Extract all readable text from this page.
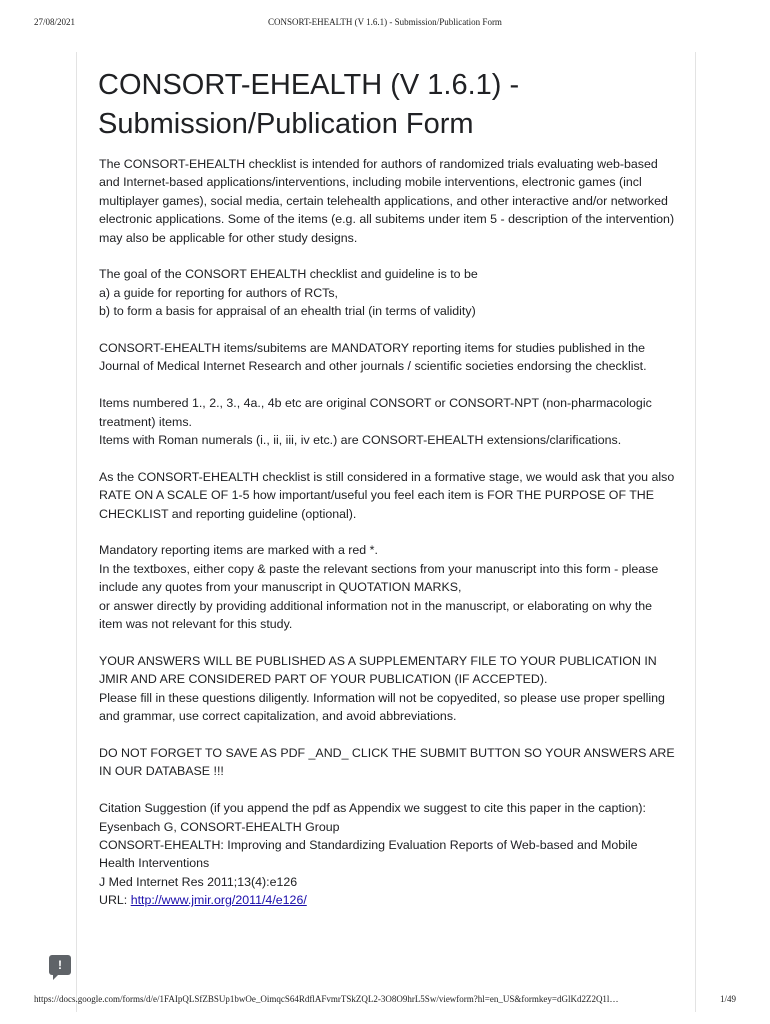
27/08/2021	CONSORT-EHEALTH (V 1.6.1) - Submission/Publication Form
CONSORT-EHEALTH (V 1.6.1) - Submission/Publication Form

The CONSORT-EHEALTH checklist is intended for authors of randomized trials evaluating web-based and Internet-based applications/interventions, including mobile interventions, electronic games (incl multiplayer games), social media, certain telehealth applications, and other interactive and/or networked electronic applications. Some of the items (e.g. all subitems under item 5 - description of the intervention) may also be applicable for other study designs.

The goal of the CONSORT EHEALTH checklist and guideline is to be
a) a guide for reporting for authors of RCTs,
b) to form a basis for appraisal of an ehealth trial (in terms of validity)

CONSORT-EHEALTH items/subitems are MANDATORY reporting items for studies published in the Journal of Medical Internet Research and other journals / scientific societies endorsing the checklist.

Items numbered 1., 2., 3., 4a., 4b etc are original CONSORT or CONSORT-NPT (non-pharmacologic treatment) items.
Items with Roman numerals (i., ii, iii, iv etc.) are CONSORT-EHEALTH extensions/clarifications.

As the CONSORT-EHEALTH checklist is still considered in a formative stage, we would ask that you also RATE ON A SCALE OF 1-5 how important/useful you feel each item is FOR THE PURPOSE OF THE CHECKLIST and reporting guideline (optional).

Mandatory reporting items are marked with a red *.
In the textboxes, either copy & paste the relevant sections from your manuscript into this form - please include any quotes from your manuscript in QUOTATION MARKS,
or answer directly by providing additional information not in the manuscript, or elaborating on why the item was not relevant for this study.

YOUR ANSWERS WILL BE PUBLISHED AS A SUPPLEMENTARY FILE TO YOUR PUBLICATION IN JMIR AND ARE CONSIDERED PART OF YOUR PUBLICATION (IF ACCEPTED).
Please fill in these questions diligently. Information will not be copyedited, so please use proper spelling and grammar, use correct capitalization, and avoid abbreviations.

DO NOT FORGET TO SAVE AS PDF _AND_ CLICK THE SUBMIT BUTTON SO YOUR ANSWERS ARE IN OUR DATABASE !!!

Citation Suggestion (if you append the pdf as Appendix we suggest to cite this paper in the caption):
Eysenbach G, CONSORT-EHEALTH Group
CONSORT-EHEALTH: Improving and Standardizing Evaluation Reports of Web-based and Mobile Health Interventions
J Med Internet Res 2011;13(4):e126

URL: http://www.jmir.org/2011/4/e126/

!
https://docs.google.com/forms/d/e/1FAIpQLSfZBSUp1bwOe_OimqcS64RdflAFvmrTSkZQL2-3O8O9hrL5Sw/viewform?hl=en_US&formkey=dGlKd2Z2Q1l…	1/49
